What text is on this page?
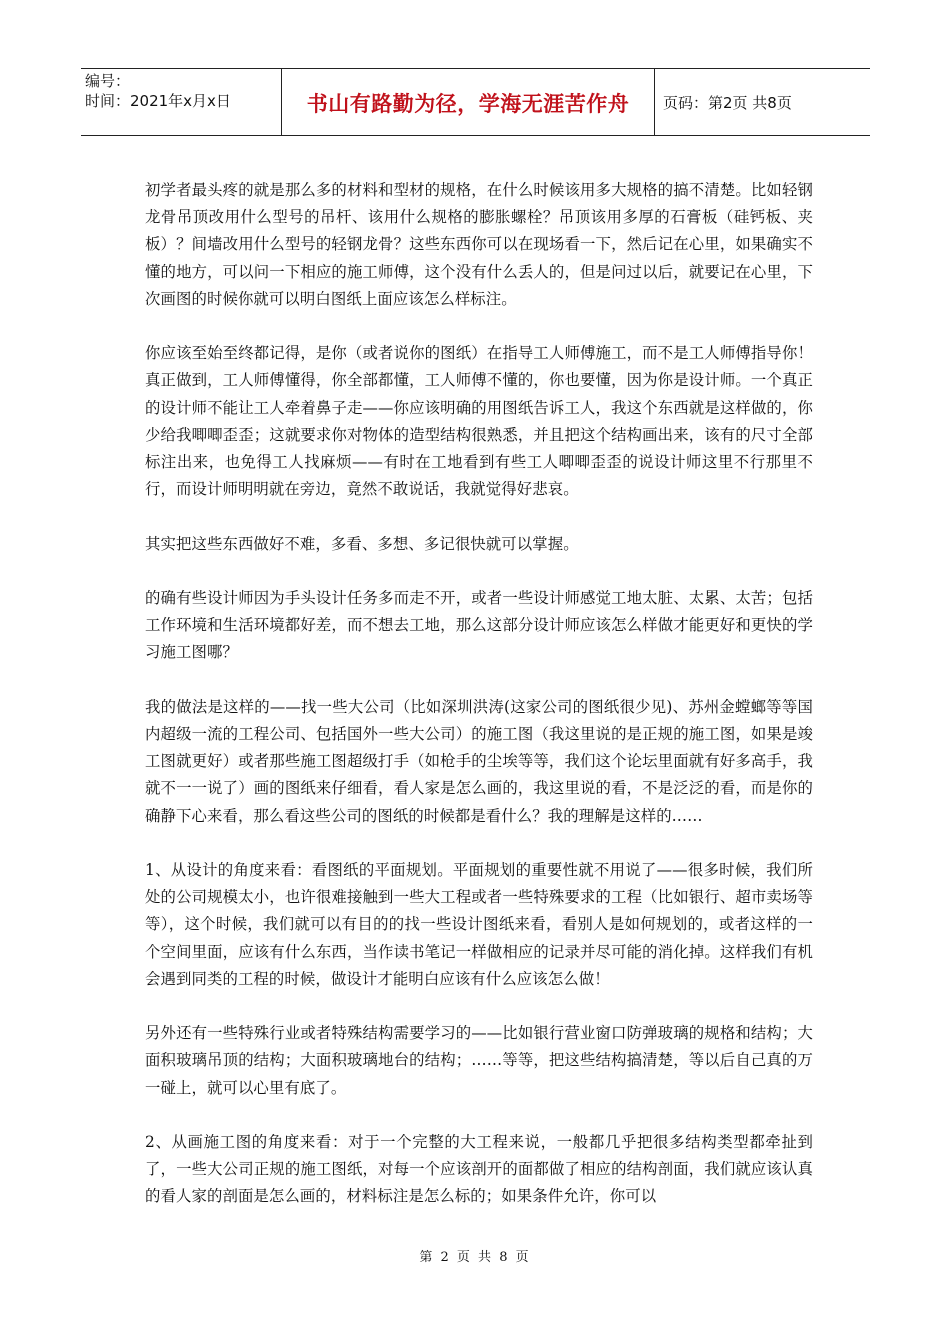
编号：
时间：2021年x月x日	书山有路勤为径，学海无涯苦作舟 页码：第2页 共8页

初学者最头疼的就是那么多的材料和型材的规格，在什么时候该用多大规格的搞不清楚。比如轻钢龙骨吊顶改用什么型号的吊杆、该用什么规格的膨胀螺栓？吊顶该用多厚的石膏板（硅钙板、夹板）？间墙改用什么型号的轻钢龙骨？这些东西你可以在现场看一下，然后记在心里，如果确实不懂的地方，可以问一下相应的施工师傅，这个没有什么丢人的，但是问过以后，就要记在心里，下次画图的时候你就可以明白图纸上面应该怎么样标注。

你应该至始至终都记得，是你（或者说你的图纸）在指导工人师傅施工，而不是工人师傅指导你！真正做到，工人师傅懂得，你全部都懂，工人师傅不懂的，你也要懂，因为你是设计师。一个真正的设计师不能让工人牵着鼻子走——你应该明确的用图纸告诉工人，我这个东西就是这样做的，你少给我唧唧歪歪；这就要求你对物体的造型结构很熟悉，并且把这个结构画出来，该有的尺寸全部标注出来，也免得工人找麻烦——有时在工地看到有些工人唧唧歪歪的说设计师这里不行那里不行，而设计师明明就在旁边，竟然不敢说话，我就觉得好悲哀。

其实把这些东西做好不难，多看、多想、多记很快就可以掌握。

的确有些设计师因为手头设计任务多而走不开，或者一些设计师感觉工地太脏、太累、太苦；包括工作环境和生活环境都好差，而不想去工地，那么这部分设计师应该怎么样做才能更好和更快的学习施工图哪？

我的做法是这样的——找一些大公司（比如深圳洪涛(这家公司的图纸很少见)、苏州金螳螂等等国内超级一流的工程公司、包括国外一些大公司）的施工图（我这里说的是正规的施工图，如果是竣工图就更好）或者那些施工图超级打手（如枪手的尘埃等等，我们这个论坛里面就有好多高手，我就不一一说了）画的图纸来仔细看，看人家是怎么画的，我这里说的看，不是泛泛的看，而是你的确静下心来看，那么看这些公司的图纸的时候都是看什么？我的理解是这样的……

1、从设计的角度来看：看图纸的平面规划。平面规划的重要性就不用说了——很多时候，我们所处的公司规模太小，也许很难接触到一些大工程或者一些特殊要求的工程（比如银行、超市卖场等等），这个时候，我们就可以有目的的找一些设计图纸来看，看别人是如何规划的，或者这样的一个空间里面，应该有什么东西，当作读书笔记一样做相应的记录并尽可能的消化掉。这样我们有机会遇到同类的工程的时候，做设计才能明白应该有什么应该怎么做！

另外还有一些特殊行业或者特殊结构需要学习的——比如银行营业窗口防弹玻璃的规格和结构；大面积玻璃吊顶的结构；大面积玻璃地台的结构；……等等，把这些结构搞清楚，等以后自己真的万一碰上，就可以心里有底了。

2、从画施工图的角度来看：对于一个完整的大工程来说，一般都几乎把很多结构类型都牵扯到了，一些大公司正规的施工图纸，对每一个应该剖开的面都做了相应的结构剖面，我们就应该认真的看人家的剖面是怎么画的，材料标注是怎么标的；如果条件允许，你可以

第 2 页 共 8 页
